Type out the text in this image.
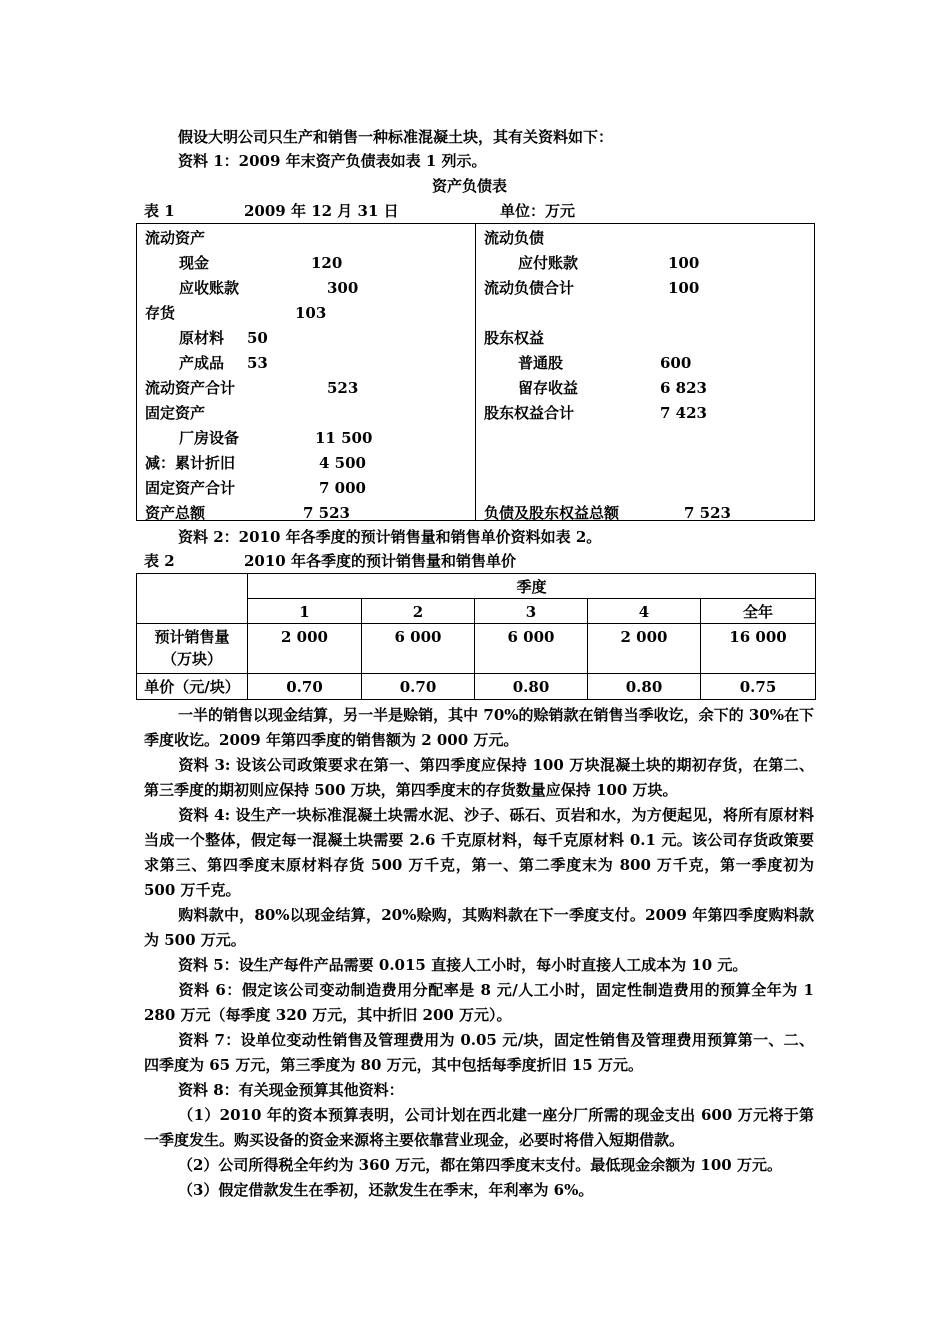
假设大明公司只生产和销售一种标准混凝土块，其有关资料如下：
资料 1：2009 年末资产负债表如表 1 列示。
资产负债表
表 1	2009 年 12 月 31 日	单位：万元
流动资产
现金	120
应收账款	300
存货	103
原材料 50
产成品 53
流动资产合计	523
固定资产
厂房设备	11 500
减：累计折旧	4 500
固定资产合计	7 000
资产总额	7 523
流动负债
应付账款	100
流动负债合计	100
股东权益
普通股	600
留存收益	6 823
股东权益合计	7 423
负债及股东权益总额	7 523
资料 2：2010 年各季度的预计销售量和销售单价资料如表 2。
表 2	2010 年各季度的预计销售量和销售单价
	季度				
	1	2	3	4	全年

预计销售量
（万块）	2 000	6 000	6 000	2 000	16 000
单价（元/块）	0.70	0.70	0.80	0.80	0.75
一半的销售以现金结算，另一半是赊销，其中 70%的赊销款在销售当季收讫，余下的 30%在下季度收讫。2009 年第四季度的销售额为 2 000 万元。
资料 3: 设该公司政策要求在第一、第四季度应保持 100 万块混凝土块的期初存货，在第二、第三季度的期初则应保持 500 万块，第四季度末的存货数量应保持 100 万块。
资料 4: 设生产一块标准混凝土块需水泥、沙子、砾石、页岩和水，为方便起见，将所有原材料当成一个整体，假定每一混凝土块需要 2.6 千克原材料，每千克原材料 0.1 元。该公司存货政策要求第三、第四季度末原材料存货 500 万千克，第一、第二季度末为 800 万千克，第一季度初为 500 万千克。
购料款中，80%以现金结算，20%赊购，其购料款在下一季度支付。2009 年第四季度购料款为 500 万元。
资料 5：设生产每件产品需要 0.015 直接人工小时，每小时直接人工成本为 10 元。
资料 6：假定该公司变动制造费用分配率是 8 元/人工小时，固定性制造费用的预算全年为 1 280 万元（每季度 320 万元，其中折旧 200 万元）。
资料 7：设单位变动性销售及管理费用为 0.05 元/块，固定性销售及管理费用预算第一、二、四季度为 65 万元，第三季度为 80 万元，其中包括每季度折旧 15 万元。
资料 8：有关现金预算其他资料：
（1）2010 年的资本预算表明，公司计划在西北建一座分厂所需的现金支出 600 万元将于第一季度发生。购买设备的资金来源将主要依靠营业现金，必要时将借入短期借款。
（2）公司所得税全年约为 360 万元，都在第四季度末支付。最低现金余额为 100 万元。
（3）假定借款发生在季初，还款发生在季末，年利率为 6%。
